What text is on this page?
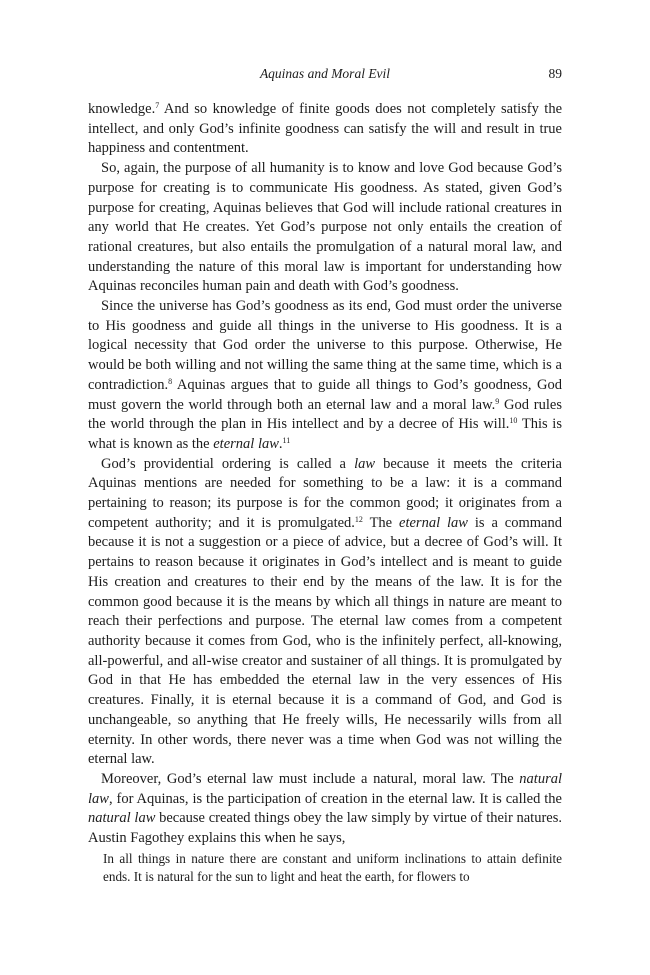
Aquinas and Moral Evil	89

knowledge.$^7$ And so knowledge of finite goods does not completely satisfy the intellect, and only God’s infinite goodness can satisfy the will and result in true happiness and contentment.

So, again, the purpose of all humanity is to know and love God because God’s purpose for creating is to communicate His goodness. As stated, given God’s purpose for creating, Aquinas believes that God will include rational creatures in any world that He creates. Yet God’s purpose not only entails the creation of rational creatures, but also entails the promulgation of a natural moral law, and understanding the nature of this moral law is important for understanding how Aquinas reconciles human pain and death with God’s goodness.

Since the universe has God’s goodness as its end, God must order the universe to His goodness and guide all things in the universe to His goodness. It is a logical necessity that God order the universe to this purpose. Otherwise, He would be both willing and not willing the same thing at the same time, which is a contradiction.$^8$ Aquinas argues that to guide all things to God’s goodness, God must govern the world through both an eternal law and a moral law.$^9$ God rules the world through the plan in His intellect and by a decree of His will.$^{10}$ This is what is known as the eternal law.$^{11}$

God’s providential ordering is called a law because it meets the criteria Aquinas mentions are needed for something to be a law: it is a command pertaining to reason; its purpose is for the common good; it originates from a competent authority; and it is promulgated.$^{12}$ The eternal law is a command because it is not a suggestion or a piece of advice, but a decree of God’s will. It pertains to reason because it originates in God’s intellect and is meant to guide His creation and creatures to their end by the means of the law. It is for the common good because it is the means by which all things in nature are meant to reach their perfections and purpose. The eternal law comes from a competent authority because it comes from God, who is the infinitely perfect, all-knowing, all-powerful, and all-wise creator and sustainer of all things. It is promulgated by God in that He has embedded the eternal law in the very essences of His creatures. Finally, it is eternal because it is a command of God, and God is unchangeable, so anything that He freely wills, He necessarily wills from all eternity. In other words, there never was a time when God was not willing the eternal law.

Moreover, God’s eternal law must include a natural, moral law. The natural law, for Aquinas, is the participation of creation in the eternal law. It is called the natural law because created things obey the law simply by virtue of their natures. Austin Fagothey explains this when he says,

In all things in nature there are constant and uniform inclinations to attain definite ends. It is natural for the sun to light and heat the earth, for flowers to
